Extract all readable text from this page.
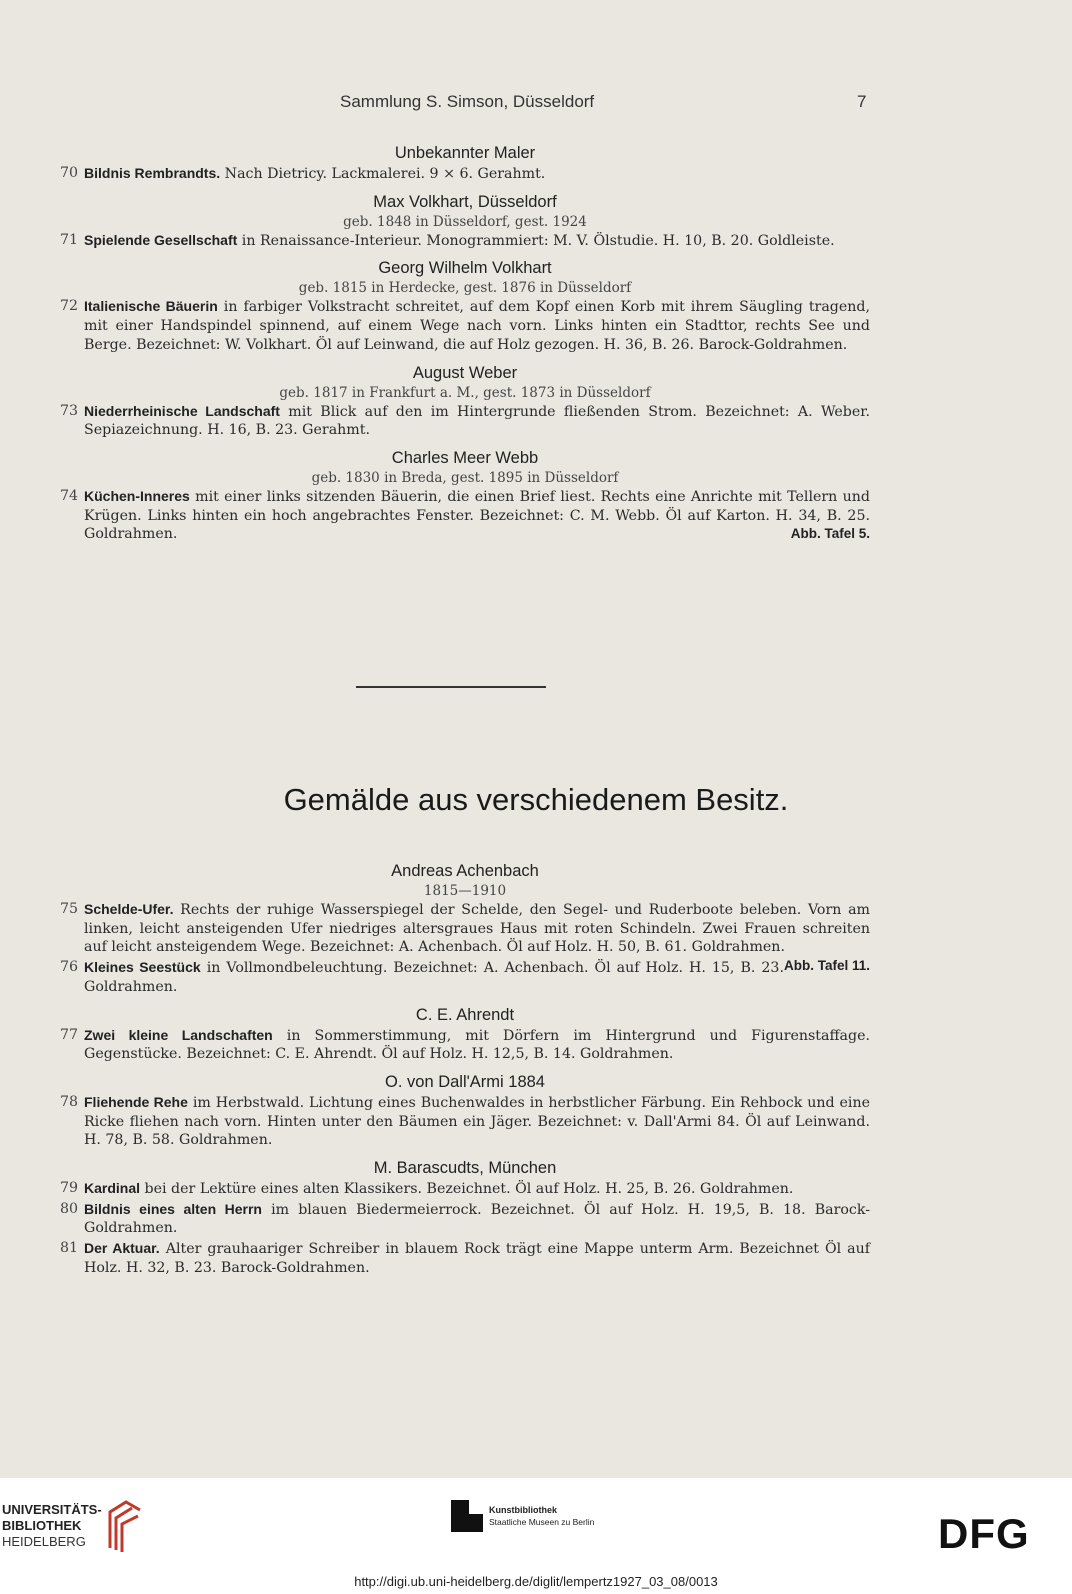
Sammlung S. Simson, Düsseldorf	7
Unbekannter Maler
70 Bildnis Rembrandts. Nach Dietricy. Lackmalerei. 9 × 6. Gerahmt.
Max Volkhart, Düsseldorf
geb. 1848 in Düsseldorf, gest. 1924
71 Spielende Gesellschaft in Renaissance-Interieur. Monogrammiert: M. V. Ölstudie. H. 10, B. 20. Goldleiste.
Georg Wilhelm Volkhart
geb. 1815 in Herdecke, gest. 1876 in Düsseldorf
72 Italienische Bäuerin in farbiger Volkstracht schreitet, auf dem Kopf einen Korb mit ihrem Säugling tragend, mit einer Handspindel spinnend, auf einem Wege nach vorn. Links hinten ein Stadttor, rechts See und Berge. Bezeichnet: W. Volkhart. Öl auf Leinwand, die auf Holz gezogen. H. 36, B. 26. Barock-Goldrahmen.
August Weber
geb. 1817 in Frankfurt a. M., gest. 1873 in Düsseldorf
73 Niederrheinische Landschaft mit Blick auf den im Hintergrunde fließenden Strom. Bezeichnet: A. Weber. Sepiazeichnung. H. 16, B. 23. Gerahmt.
Charles Meer Webb
geb. 1830 in Breda, gest. 1895 in Düsseldorf
74 Küchen-Inneres mit einer links sitzenden Bäuerin, die einen Brief liest. Rechts eine Anrichte mit Tellern und Krügen. Links hinten ein hoch angebrachtes Fenster. Bezeichnet: C. M. Webb. Öl auf Karton. H. 34, B. 25. Goldrahmen.	Abb. Tafel 5.
Gemälde aus verschiedenem Besitz.
Andreas Achenbach
1815—1910
75 Schelde-Ufer. Rechts der ruhige Wasserspiegel der Schelde, den Segel- und Ruderboote beleben. Vorn am linken, leicht ansteigenden Ufer niedriges altersgraues Haus mit roten Schindeln. Zwei Frauen schreiten auf leicht ansteigendem Wege. Bezeichnet: A. Achenbach. Öl auf Holz. H. 50, B. 61. Goldrahmen.
Abb. Tafel 11.
76 Kleines Seestück in Vollmondbeleuchtung. Bezeichnet: A. Achenbach. Öl auf Holz. H. 15, B. 23. Goldrahmen.
C. E. Ahrendt
77 Zwei kleine Landschaften in Sommerstimmung, mit Dörfern im Hintergrund und Figurenstaffage. Gegenstücke. Bezeichnet: C. E. Ahrendt. Öl auf Holz. H. 12,5, B. 14. Goldrahmen.
O. von Dall'Armi 1884
78 Fliehende Rehe im Herbstwald. Lichtung eines Buchenwaldes in herbstlicher Färbung. Ein Rehbock und eine Ricke fliehen nach vorn. Hinten unter den Bäumen ein Jäger. Bezeichnet: v. Dall'Armi 84. Öl auf Leinwand. H. 78, B. 58. Goldrahmen.
M. Barascudts, München
79 Kardinal bei der Lektüre eines alten Klassikers. Bezeichnet. Öl auf Holz. H. 25, B. 26. Goldrahmen.
80 Bildnis eines alten Herrn im blauen Biedermeierrock. Bezeichnet. Öl auf Holz. H. 19,5, B. 18. Barock-Goldrahmen.
81 Der Aktuar. Alter grauhaariger Schreiber in blauem Rock trägt eine Mappe unterm Arm. Bezeichnet Öl auf Holz. H. 32, B. 23. Barock-Goldrahmen.
UNIVERSITÄTS-
BIBLIOTHEK
HEIDELBERG
Kunstbibliothek
Staatliche Museen zu Berlin	DFG
http://digi.ub.uni-heidelberg.de/diglit/lempertz1927_03_08/0013
